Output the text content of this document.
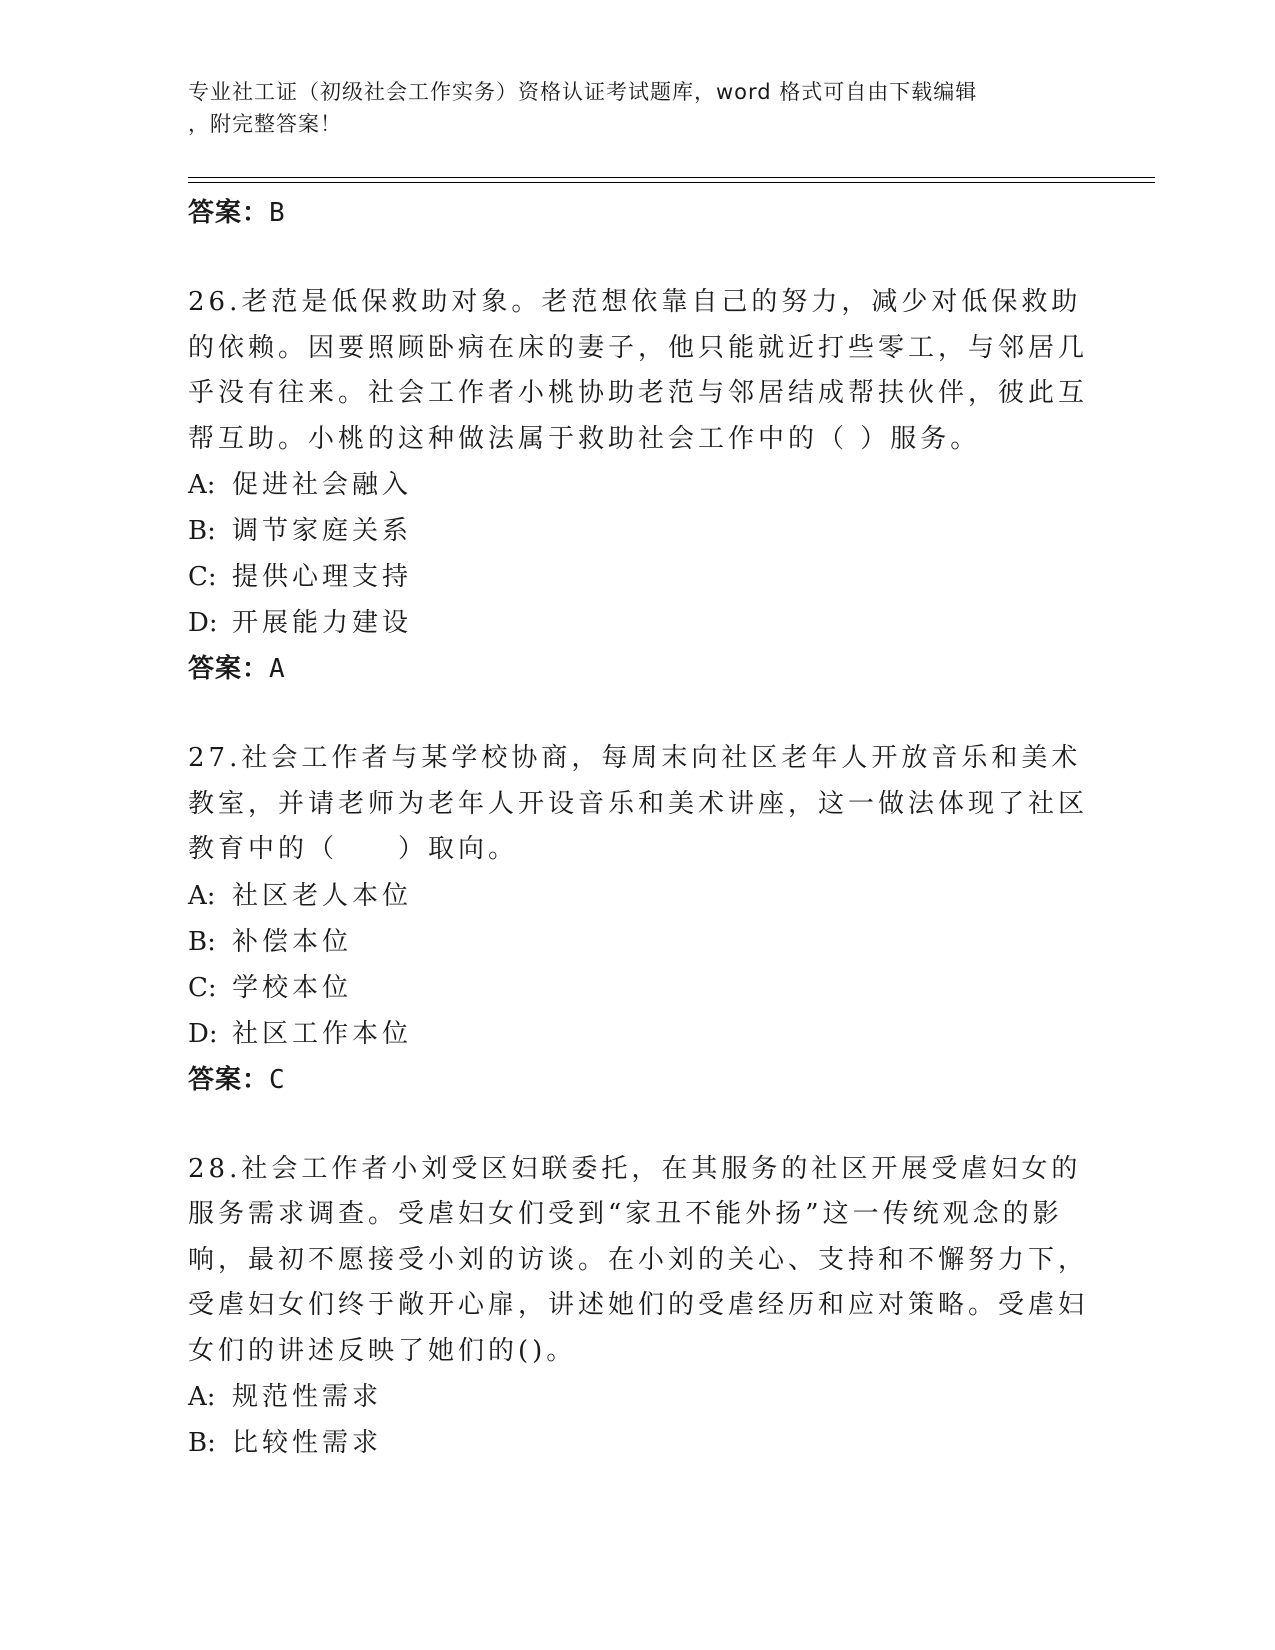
专业社工证（初级社会工作实务）资格认证考试题库，word 格式可自由下载编辑
，附完整答案！
答案：B
26.老范是低保救助对象。老范想依靠自己的努力，减少对低保救助的依赖。因要照顾卧病在床的妻子，他只能就近打些零工，与邻居几乎没有往来。社会工作者小桃协助老范与邻居结成帮扶伙伴，彼此互帮互助。小桃的这种做法属于救助社会工作中的（ ）服务。
A: 促进社会融入
B: 调节家庭关系
C: 提供心理支持
D: 开展能力建设
答案：A
27.社会工作者与某学校协商，每周末向社区老年人开放音乐和美术教室，并请老师为老年人开设音乐和美术讲座，这一做法体现了社区教育中的（　　）取向。
A: 社区老人本位
B: 补偿本位
C: 学校本位
D: 社区工作本位
答案：C
28.社会工作者小刘受区妇联委托，在其服务的社区开展受虐妇女的服务需求调查。受虐妇女们受到“家丑不能外扬”这一传统观念的影响，最初不愿接受小刘的访谈。在小刘的关心、支持和不懈努力下，受虐妇女们终于敞开心扉，讲述她们的受虐经历和应对策略。受虐妇女们的讲述反映了她们的()。
A: 规范性需求
B: 比较性需求
